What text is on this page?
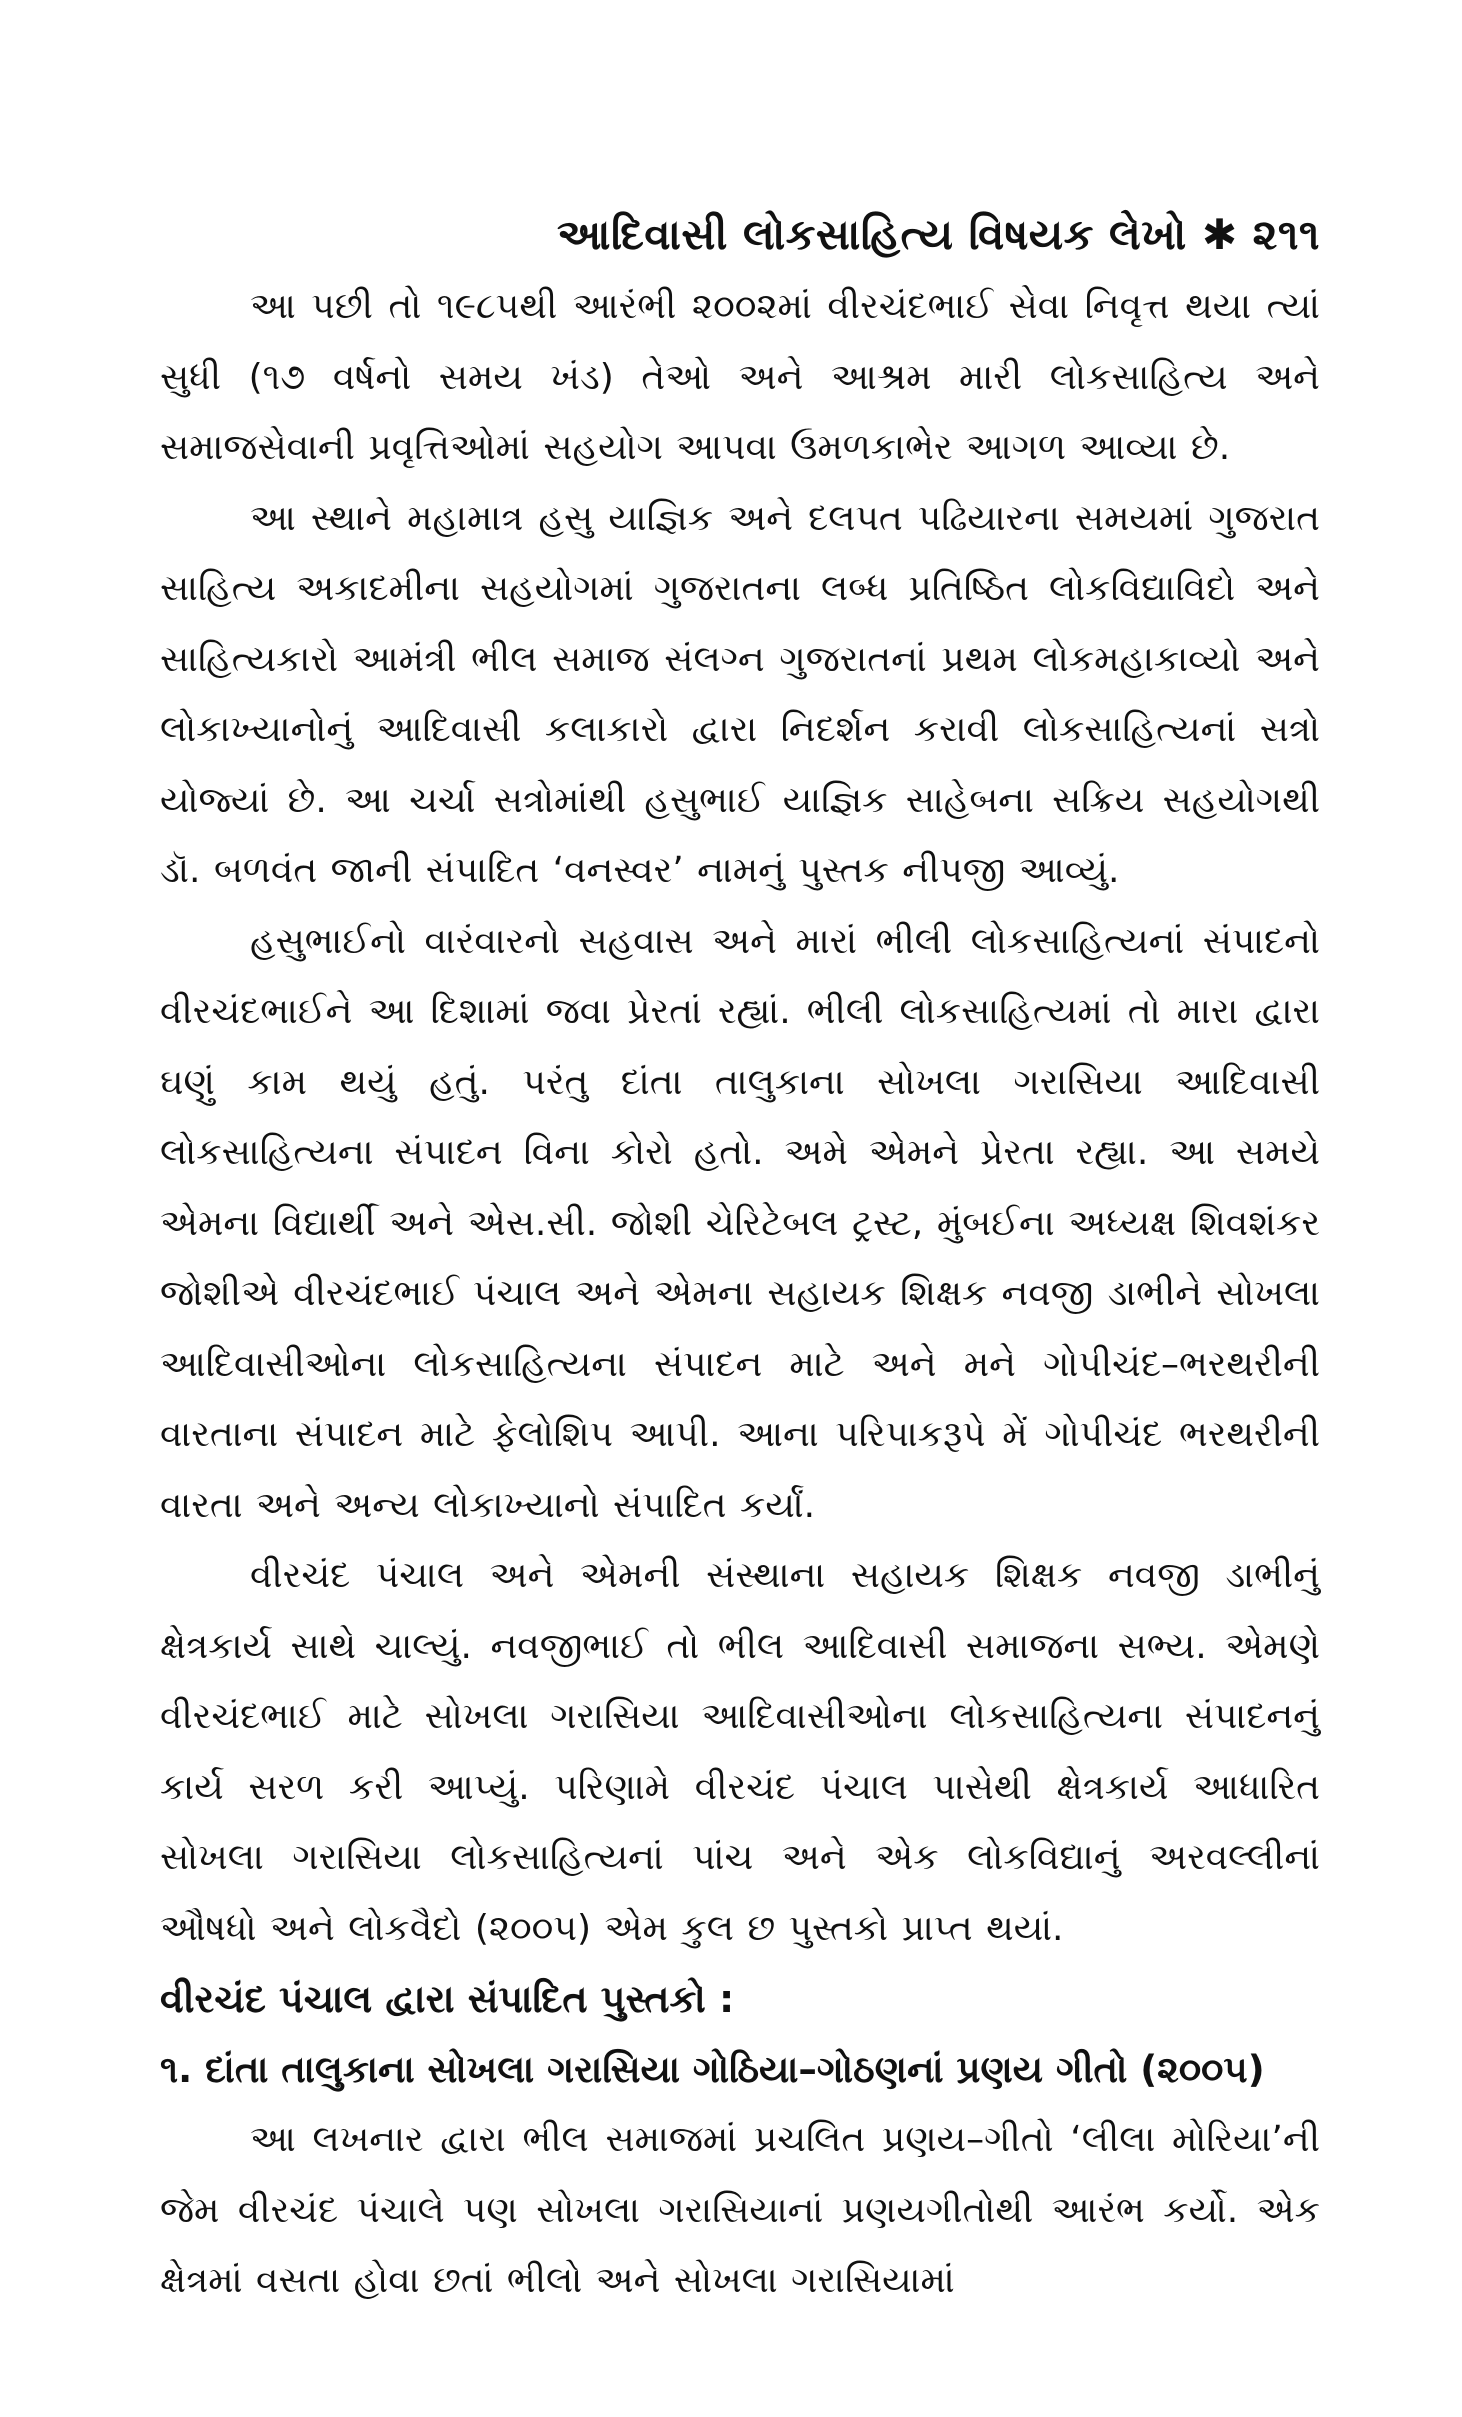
આદિવાસી લોકસાહિત્ય વિષયક લેખો ✱ ૨૧૧

આ પછી તો ૧૯૮૫થી આરંભી ૨૦૦૨માં વીરચંદભાઈ સેવા નિવૃત્ત થયા ત્યાં સુધી (૧૭ વર્ષનો સમય ખંડ) તેઓ અને આશ્રમ મારી લોકસાહિત્ય અને સમાજસેવાની પ્રવૃત્તિઓમાં સહયોગ આપવા ઉમળકાભેર આગળ આવ્યા છે.

આ સ્થાને મહામાત્ર હસુ યાજ્ઞિક અને દલપત પઢિયારના સમયમાં ગુજરાત સાહિત્ય અકાદમીના સહયોગમાં ગુજરાતના લબ્ધ પ્રતિષ્ઠિત લોકવિદ્યાવિદો અને સાહિત્યકારો આમંત્રી ભીલ સમાજ સંલગ્ન ગુજરાતનાં પ્રથમ લોકમહાકાવ્યો અને લોકાખ્યાનોનું આદિવાસી કલાકારો દ્વારા નિદર્શન કરાવી લોકસાહિત્યનાં સત્રો યોજ્યાં છે. આ ચર્ચા સત્રોમાંથી હસુભાઈ યાજ્ઞિક સાહેબના સક્રિય સહયોગથી ડૉ. બળવંત જાની સંપાદિત ‘વનસ્વર’ નામનું પુસ્તક નીપજી આવ્યું.

હસુભાઈનો વારંવારનો સહવાસ અને મારાં ભીલી લોકસાહિત્યનાં સંપાદનો વીરચંદભાઈને આ દિશામાં જવા પ્રેરતાં રહ્યાં. ભીલી લોકસાહિત્યમાં તો મારા દ્વારા ઘણું કામ થયું હતું. પરંતુ દાંતા તાલુકાના સોખલા ગરાસિયા આદિવાસી લોકસાહિત્યના સંપાદન વિના કોરો હતો. અમે એમને પ્રેરતા રહ્યા. આ સમયે એમના વિદ્યાર્થી અને એસ.સી. જોશી ચેરિટેબલ ટ્રસ્ટ, મુંબઈના અધ્યક્ષ શિવશંકર જોશીએ વીરચંદભાઈ પંચાલ અને એમના સહાયક શિક્ષક નવજી ડાભીને સોખલા આદિવાસીઓના લોકસાહિત્યના સંપાદન માટે અને મને ગોપીચંદ–ભરથરીની વારતાના સંપાદન માટે ફેલોશિપ આપી. આના પરિપાકરૂપે મેં ગોપીચંદ ભરથરીની વારતા અને અન્ય લોકાખ્યાનો સંપાદિત કર્યાં.

વીરચંદ પંચાલ અને એમની સંસ્થાના સહાયક શિક્ષક નવજી ડાભીનું ક્ષેત્રકાર્ય સાથે ચાલ્યું. નવજીભાઈ તો ભીલ આદિવાસી સમાજના સભ્ય. એમણે વીરચંદભાઈ માટે સોખલા ગરાસિયા આદિવાસીઓના લોકસાહિત્યના સંપાદનનું કાર્ય સરળ કરી આપ્યું. પરિણામે વીરચંદ પંચાલ પાસેથી ક્ષેત્રકાર્ય આધારિત સોખલા ગરાસિયા લોકસાહિત્યનાં પાંચ અને એક લોકવિદ્યાનું અરવલ્લીનાં ઔષધો અને લોકવૈદો (૨૦૦૫) એમ કુલ છ પુસ્તકો પ્રાપ્ત થયાં.

વીરચંદ પંચાલ દ્વારા સંપાદિત પુસ્તકો :

૧. દાંતા તાલુકાના સોખલા ગરાસિયા ગોઠિયા–ગોઠણનાં પ્રણય ગીતો (૨૦૦૫)

આ લખનાર દ્વારા ભીલ સમાજમાં પ્રચલિત પ્રણય–ગીતો ‘લીલા મોરિયા’ની જેમ વીરચંદ પંચાલે પણ સોખલા ગરાસિયાનાં પ્રણયગીતોથી આરંભ કર્યો. એક ક્ષેત્રમાં વસતા હોવા છતાં ભીલો અને સોખલા ગરાસિયામાં
